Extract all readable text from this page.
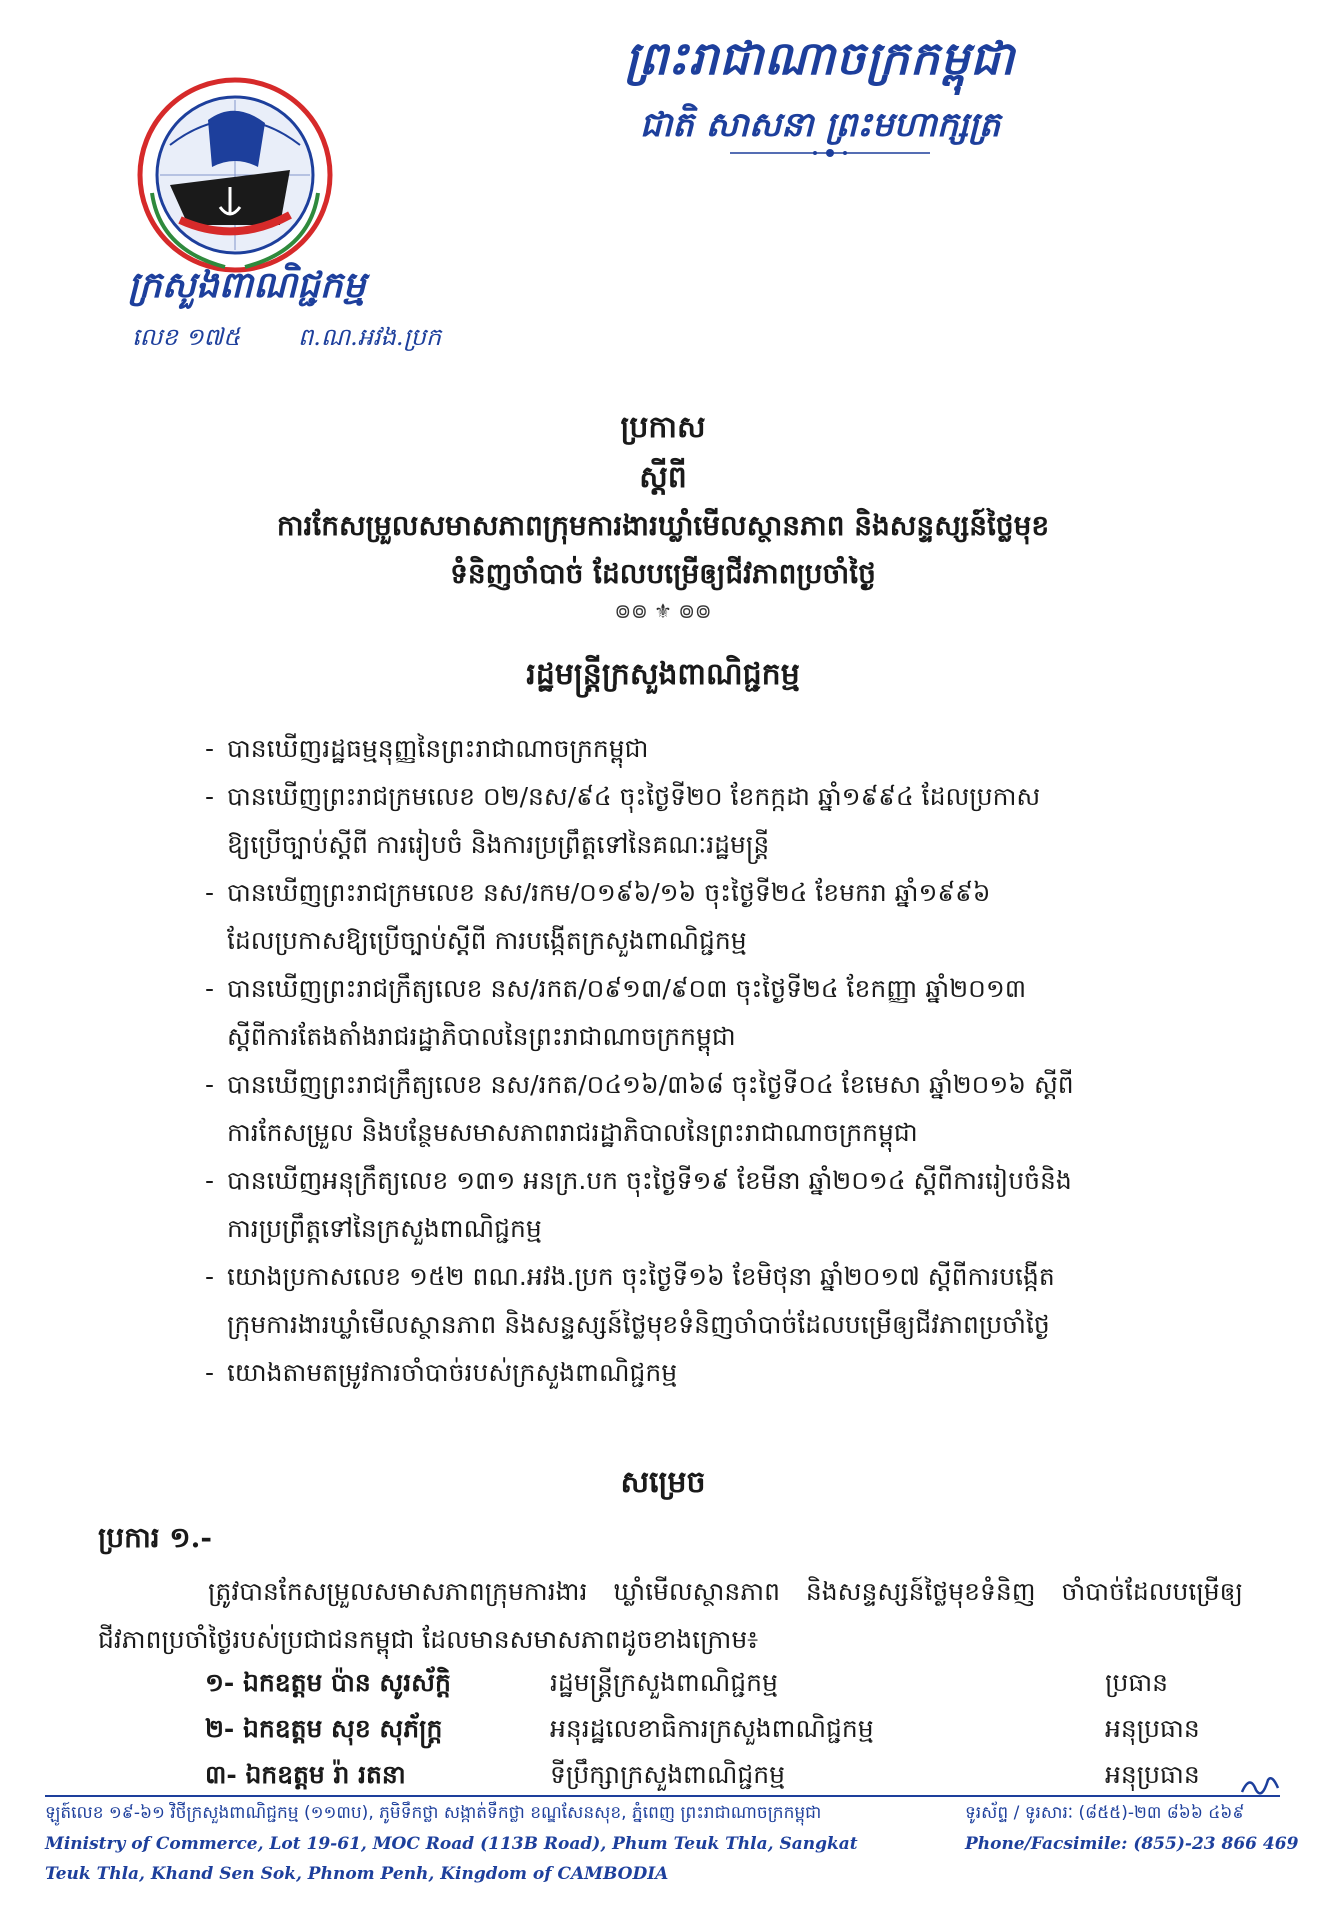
ព្រះរាជាណាចក្រកម្ពុជា
ជាតិ សាសនា ព្រះមហាក្សត្រ
ក្រសួងពាណិជ្ជកម្ម
លេខ ១៧៥ ព.ណ.អវង.ប្រក
ប្រកាស
ស្តីពី
ការកែសម្រួលសមាសភាពក្រុមការងារឃ្លាំមើលស្ថានភាព និងសន្ទស្សន៍ថ្លៃមុខ
ទំនិញចាំបាច់ ដែលបម្រើឲ្យជីវភាពប្រចាំថ្ងៃ
៙៙ ⚜ ៙៙
រដ្ឋមន្ត្រីក្រសួងពាណិជ្ជកម្ម
- បានឃើញរដ្ឋធម្មនុញ្ញនៃព្រះរាជាណាចក្រកម្ពុជា
- បានឃើញព្រះរាជក្រមលេខ ០២/នស/៩៤ ចុះថ្ងៃទី២០ ខែកក្កដា ឆ្នាំ១៩៩៤ ដែលប្រកាស
ឱ្យប្រើច្បាប់ស្តីពី ការរៀបចំ និងការប្រព្រឹត្តទៅនៃគណៈរដ្ឋមន្ត្រី
- បានឃើញព្រះរាជក្រមលេខ នស/រកម/០១៩៦/១៦ ចុះថ្ងៃទី២៤ ខែមករា ឆ្នាំ១៩៩៦
ដែលប្រកាសឱ្យប្រើច្បាប់ស្តីពី ការបង្កើតក្រសួងពាណិជ្ជកម្ម
- បានឃើញព្រះរាជក្រឹត្យលេខ នស/រកត/០៩១៣/៩០៣ ចុះថ្ងៃទី២៤ ខែកញ្ញា ឆ្នាំ២០១៣
ស្តីពីការតែងតាំងរាជរដ្ឋាភិបាលនៃព្រះរាជាណាចក្រកម្ពុជា
- បានឃើញព្រះរាជក្រឹត្យលេខ នស/រកត/០៤១៦/៣៦៨ ចុះថ្ងៃទី០៤ ខែមេសា ឆ្នាំ២០១៦ ស្តីពី
ការកែសម្រួល និងបន្ថែមសមាសភាពរាជរដ្ឋាភិបាលនៃព្រះរាជាណាចក្រកម្ពុជា
- បានឃើញអនុក្រឹត្យលេខ ១៣១ អនក្រ.បក ចុះថ្ងៃទី១៩ ខែមីនា ឆ្នាំ២០១៤ ស្តីពីការរៀបចំនិង
ការប្រព្រឹត្តទៅនៃក្រសួងពាណិជ្ជកម្ម
- យោងប្រកាសលេខ ១៥២ ពណ.អវង.ប្រក ចុះថ្ងៃទី១៦ ខែមិថុនា ឆ្នាំ២០១៧ ស្តីពីការបង្កើត
ក្រុមការងារឃ្លាំមើលស្ថានភាព និងសន្ទស្សន៍ថ្លៃមុខទំនិញចាំបាច់ដែលបម្រើឲ្យជីវភាពប្រចាំថ្ងៃ
- យោងតាមតម្រូវការចាំបាច់របស់ក្រសួងពាណិជ្ជកម្ម
សម្រេច
ប្រការ ១.-
ត្រូវបានកែសម្រួលសមាសភាពក្រុមការងារ ឃ្លាំមើលស្ថានភាព និងសន្ទស្សន៍ថ្លៃមុខទំនិញ ចាំបាច់ដែលបម្រើឲ្យជីវភាពប្រចាំថ្ងៃរបស់ប្រជាជនកម្ពុជា ដែលមានសមាសភាពដូចខាងក្រោម៖
១- ឯកឧត្តម ប៉ាន សូរស័ក្តិ	រដ្ឋមន្ត្រីក្រសួងពាណិជ្ជកម្ម	ប្រធាន
២- ឯកឧត្តម សុខ សុភ័ក្ត្រ	អនុរដ្ឋលេខាធិការក្រសួងពាណិជ្ជកម្ម	អនុប្រធាន
៣- ឯកឧត្តម រ៉ា រតនា	ទីប្រឹក្សាក្រសួងពាណិជ្ជកម្ម	អនុប្រធាន
ឡូត៍លេខ ១៩-៦១ វិថីក្រសួងពាណិជ្ជកម្ម (១១៣ប), ភូមិទឹកថ្លា សង្កាត់ទឹកថ្លា ខណ្ឌសែនសុខ, ភ្នំពេញ ព្រះរាជាណាចក្រកម្ពុជា	ទូរស័ព្ទ / ទូរសារៈ (៨៥៥)-២៣ ៨៦៦ ៤៦៩
Ministry of Commerce, Lot 19-61, MOC Road (113B Road), Phum Teuk Thla, Sangkat
Teuk Thla, Khand Sen Sok, Phnom Penh, Kingdom of CAMBODIA
Phone/Facsimile: (855)-23 866 469
